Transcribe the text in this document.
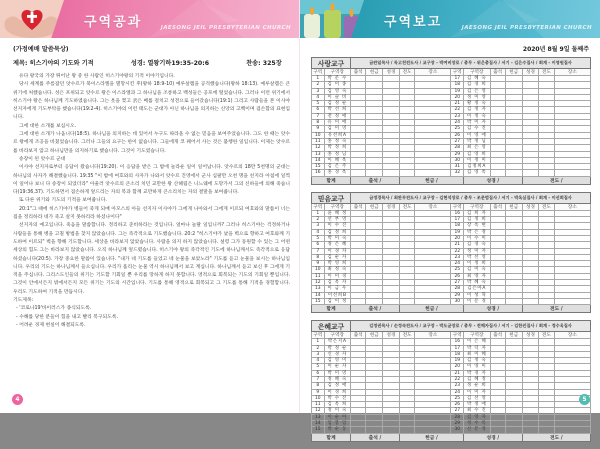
구역공과	JAESONG JEIL PRESBYTERIAN CHURCH
(가정예배 말씀묵상)
제목: 히스기야의 기도와 기적	성경: 열왕기하19:35-20:6	찬송: 325장

유다 왕국의 가장 뛰어난 왕 중 한 사람인 히스기야왕의 기적 이야기입니다.

당시 세계를 주름잡던 앗수르가 북이스라엘을 멸망시킨 후(왕하 18:9-10) 예루살렘을 공격했습니다(왕하 18:13). 예루살렘은 큰 위기에 처했습니다. 성은 포위되고 앗수르 왕은 이스라엘과 그 하나님을 조롱하고 백성들은 공포에 떨었습니다. 그러나 이런 위기에서 히스기야 왕은 하나님께 기도하였습니다. 그는 옷을 찢고 굵은 베를 걸치고 성전으로 들어갔습니다(19:1) 그리고 사람들을 본 이사야 선지자에게 기도부탁을 했습니다(19:2-4). 히스기야의 이런 태도는 군대가 아닌 하나님을 의지하는 신앙의 고백이며 겸손함의 표현입니다.

그에 대한 소개를 보십시오.

그에 대한 소개가 나옵니다(18:5). 하나님을 의지하는 데 있어서 누구도 따라올 수 없는 믿음을 보여주었습니다. 그도 한 때는 앗수르 왕에게 조공을 바쳤었습니다. 그러나 그들의 요구는 한이 없습니다. 그들에게 코 꿰어서 사는 것은 불행한 일입니다. 이제는 앗수르를 바라보지 않고 하나님만을 의지하기로 했습니다. 그것이 기도였습니다.

송장이 된 앗수르 군대

이사야 선지자로부터 응답이 왔습니다(19:20). 이 응답을 받은 그 밤에 놀라운 일이 일어납니다. 앗수르의 18만 5천명의 군대는 하나님의 사자가 해결했습니다. 19:35 "이 밤에 여호와의 사자가 나와서 앗수르 진영에서 군사 십팔만 오천 명을 친지라 아침에 일찍이 일어나 보니 다 송장이 되었더라" 아울러 앗수르의 큰소리 치던 교만한 왕 산헤립은 니느웨에 도망가서 그의 신하들에 의해 죽습니다(19:36,37). 기도하면서 겸손하게 엎드리는 자의 복과 함께 교만하게 큰소리치는 자의 결말을 보여줍니다.

또 다른 위기와 기도의 기적을 보여줍니다.

20:1"그 때에 히스기야가 병들어 죽게 되매 아모스의 아들 선지자 이사야가 그에게 나아와서 그에게 이르되 여호와의 말씀이 너는 집을 정리하라 네가 죽고 살지 못하리라 하셨나이다"

선지자의 예고입니다. 죽음을 말씀합니다. 정리하고 준비하라는 것입니다. 얼마나 놀랄 일입니까? 그러나 히스기야는 걱정하거나 사람들을 통해 병을 고칠 방법을 찾지 않았습니다. 그는 즉각적으로 기도했습니다. 20:2 "히스기야가 낯을 벽으로 향하고 여호와께 기도하여 이르되" 벽을 향해 기도합니다. 세상을 바라보지 않았습니다. 사람을 의지 하지 않았습니다. 설령 그가 동원할 수 있는 그 어떤 세상의 힘도 그는 바라보지 않았습니다. 오직 하나님께 엎드렸습니다. 히스기야 왕의 즉각적인 기도에 하나님께서도 즉각적으로 응답하셨습니다(20:5). 가장 중요한 말씀이 있습니다. "내가 네 기도를 들었고 네 눈물을 보았노라" 기도를 듣고 눈물을 보시는 하나님입니다. 우리의 기도는 하나님께서 들으십니다. 우리가 흘리는 눈물 역시 하나님께서 보고 계십니다. 하나님께서 듣고 보신 후 그에게 기적을 주십니다. 그리스도인들의 위기는 기도할 기회일 뿐 우리를 망하게 하지 못합니다. 영적으로 회복되는 기도의 기회일 뿐입니다. 그것이 안에서든지 밖에서든지 모든 위기는 기도의 시간입니다. 기도를 통해 영적으로 회복되고 그 기도를 통해 기적을 경험합니다. 우리도 기도하여 기적을 만듭시다.

기도제목:
- '코로나19'바이러스가 종식되도록.
- 수해를 당한 분들이 힘을 내고 빨리 복구되도록.
- 어려운 경제 현실이 해결되도록.
4
구역보고	JAESONG JEIL PRESBYTERIAN CHURCH
2020년 8월 9일 둘째주
사랑교구		금완일목사 / 독고천전도사 / 교구장 - 박여비장로 / 총무 - 위은총집사 / 서기 - 김은수집사 / 회계 - 이영원집사											
구역	구역장	출석	헌금	성경	전도	장소	구역	구역장	출석	헌금	성경	전도	장소
1	박 문 수						17	김 혜 숙					
2	김 미 종						18	김 경 희					
3	김 영 숙						19	김 은 영					
4	이 슬 비						20	정 미 영					
5	김 정 순						21	황 정 숙					
6	박 선 희						22	김 정 자					
7	전 정 애						23	이 정 숙					
8	유 미 애						24	박 미 자					
9	김 미 영						25	김 수 진					
10	유선희A						26	이 영 애					
11	홍 정 숙						27	박 정 님					
12	박 정 희						28	최 은 영					
13	홍 정 님						29	김 영 희					
14	이 혜 옥						30	이 정 미					
15	김 은 주						31	김정희A					
16	홍 경 옥						32	김 영 옥					
합계		출석 /			헌금 /			성경 /			전도 /		
믿음교구		금정경목사 / 최완무전도사 / 교구장 - 김현석장로 / 총무 - 조문범집사 / 서기 - 박옥심집사 / 회계 - 이선희집사											
구역	구역장	출석	헌금	성경	전도	장소	구역	구역장	출석	헌금	성경	전도	장소
1	윤 혜 정						16	김 희 자					
2	선 부 영						17	김 정 희					
3	이 수 진						18	장 옥 현					
4	김 정 희						19	박 은 정					
5	박 미 숙						20	이 수 미					
6	정 은 혜						21	김 경 숙					
7	이 경 자						22	정 미 자					
8	김 순 자						23	박 선 영					
9	박 영 희						24	이 정 희					
10	최 정 숙						25	김 미 숙					
11	이 미 경						26	최 영 자					
12	김 옥 자						27	박 혜 숙					
13	이 금 우						28	김은아A					
14	이선희B						29	이 성 혁					
15	김 이 정						30	이 문 경					
합계		출석 /			헌금 /			성경 /			전도 /		
은혜교구		김정권목사 / 손정숙전도사 / 교구장 - 박도균장로 / 총무 - 전해자집사 / 서기 - 김한진집사 / 회계 - 정수옥집사											
구역	구역장	출석	헌금	성경	전도	장소	구역	구역장	출석	헌금	성경	전도	장소
1	박은지A						16	이 은 혜					
2	박 정 순						17	박 덕 자					
3	신 경 자						18	최 미 혜					
4	김 영 미						19	김 정 숙					
5	이 순 자						20	이 영 미					
6	박 미 영						21	박 경 자					
7	정 혜 숙						22	김 혜 정					
8	김 정 애						23	정 순 희					
9	이 경 희						24	이 미 자					
10	박 수 진						25	김 선 영					
11	김 옥 희						26	박 정 애					
12	정 미 숙						27	최 수 진					
13	이 순 아						28	김 영 자					
14	임 봉 임						29	정 수 록					
15	박 순 동						30	신 문 경					
합계		출석 /			헌금 /			성경 /			전도 /		
5
